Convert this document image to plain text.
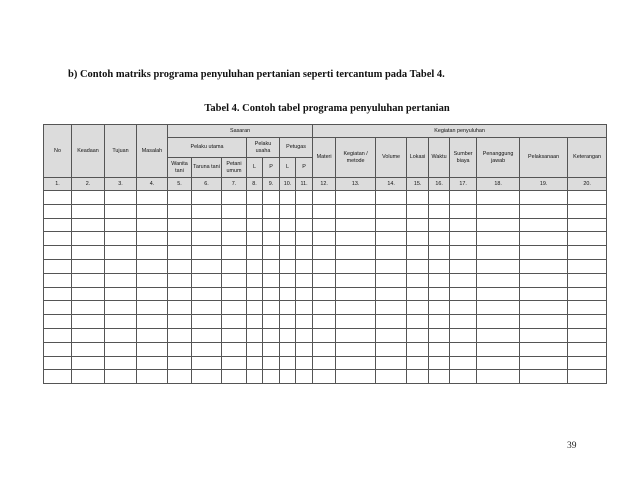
b) Contoh matriks programa penyuluhan pertanian seperti tercantum pada Tabel 4.
Tabel 4. Contoh tabel programa penyuluhan pertanian
No	Keadaan	Tujuan	Masalah	Sasaran							Kegiatan penyuluhan								
				Pelaku utama			Pelaku usaha		Petugas		Materi	Kegiatan / metode	Volume	Lokasi	Waktu	Sumber biaya	Penanggung jawab	Pelaksanaan	Keterangan
				Wanita tani	Taruna tani	Petani umum	L	P	L	P									
1.	2.	3.	4.	5.	6.	7.	8.	9.	10.	11.	12.	13.	14.	15.	16.	17.	18.	19.	20.

39
